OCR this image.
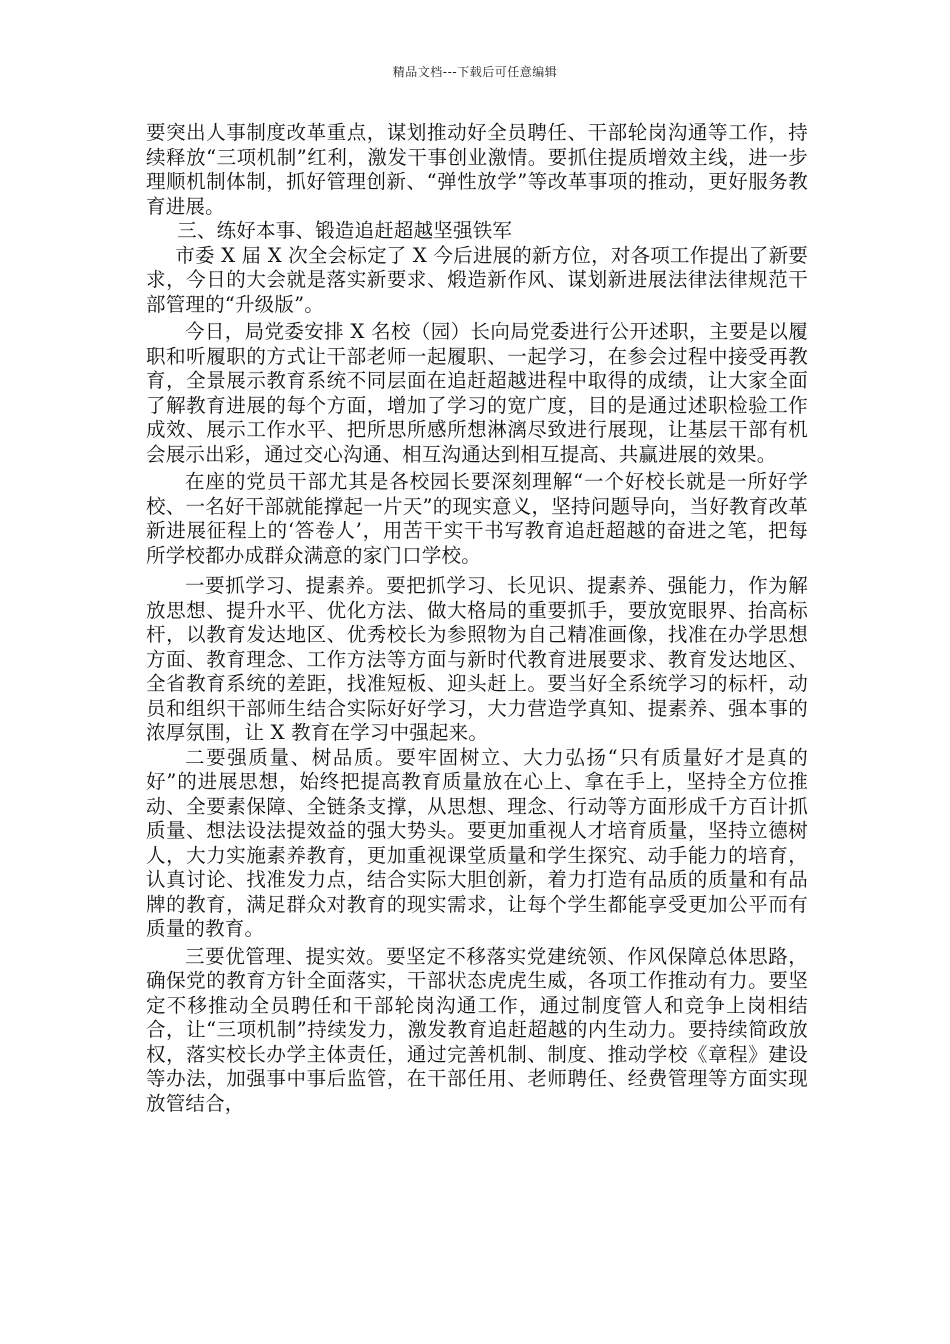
精品文档---下载后可任意编辑

要突出人事制度改革重点，谋划推动好全员聘任、干部轮岗沟通等工作，持续释放“三项机制”红利，激发干事创业激情。要抓住提质增效主线，进一步理顺机制体制，抓好管理创新、“弹性放学”等改革事项的推动，更好服务教育进展。

三、练好本事、锻造追赶超越坚强铁军

市委 X 届 X 次全会标定了 X 今后进展的新方位，对各项工作提出了新要求，今日的大会就是落实新要求、煅造新作风、谋划新进展法律法律规范干部管理的“升级版”。

今日，局党委安排 X 名校（园）长向局党委进行公开述职，主要是以履职和听履职的方式让干部老师一起履职、一起学习，在参会过程中接受再教育，全景展示教育系统不同层面在追赶超越进程中取得的成绩，让大家全面了解教育进展的每个方面，增加了学习的宽广度，目的是通过述职检验工作成效、展示工作水平、把所思所感所想淋漓尽致进行展现，让基层干部有机会展示出彩，通过交心沟通、相互沟通达到相互提高、共赢进展的效果。

在座的党员干部尤其是各校园长要深刻理解“一个好校长就是一所好学校、一名好干部就能撑起一片天”的现实意义，坚持问题导向，当好教育改革新进展征程上的‘答卷人’，用苦干实干书写教育追赶超越的奋进之笔，把每所学校都办成群众满意的家门口学校。

一要抓学习、提素养。要把抓学习、长见识、提素养、强能力，作为解放思想、提升水平、优化方法、做大格局的重要抓手，要放宽眼界、抬高标杆，以教育发达地区、优秀校长为参照物为自己精准画像，找准在办学思想方面、教育理念、工作方法等方面与新时代教育进展要求、教育发达地区、全省教育系统的差距，找准短板、迎头赶上。要当好全系统学习的标杆，动员和组织干部师生结合实际好好学习，大力营造学真知、提素养、强本事的浓厚氛围，让 X 教育在学习中强起来。

二要强质量、树品质。要牢固树立、大力弘扬“只有质量好才是真的好”的进展思想，始终把提高教育质量放在心上、拿在手上，坚持全方位推动、全要素保障、全链条支撑，从思想、理念、行动等方面形成千方百计抓质量、想法设法提效益的强大势头。要更加重视人才培育质量，坚持立德树人，大力实施素养教育，更加重视课堂质量和学生探究、动手能力的培育，认真讨论、找准发力点，结合实际大胆创新，着力打造有品质的质量和有品牌的教育，满足群众对教育的现实需求，让每个学生都能享受更加公平而有质量的教育。

三要优管理、提实效。要坚定不移落实党建统领、作风保障总体思路，确保党的教育方针全面落实，干部状态虎虎生威，各项工作推动有力。要坚定不移推动全员聘任和干部轮岗沟通工作，通过制度管人和竞争上岗相结合，让“三项机制”持续发力，激发教育追赶超越的内生动力。要持续简政放权，落实校长办学主体责任，通过完善机制、制度、推动学校《章程》建设等办法，加强事中事后监管，在干部任用、老师聘任、经费管理等方面实现放管结合，
